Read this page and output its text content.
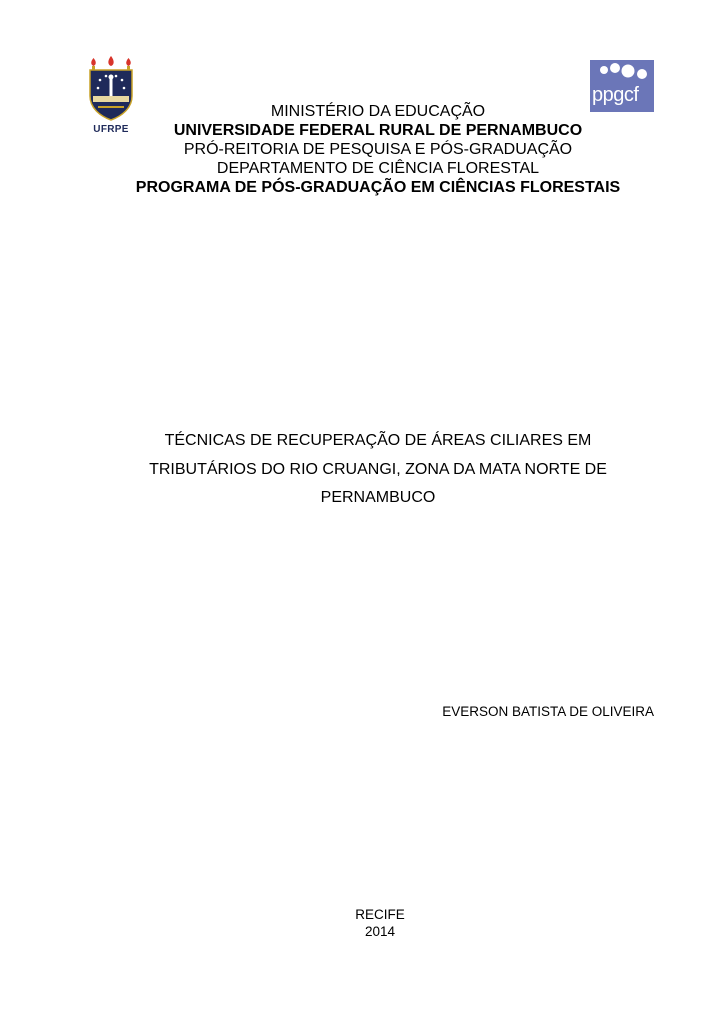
UFRPE
ppgcf
MINISTÉRIO DA EDUCAÇÃO
UNIVERSIDADE FEDERAL RURAL DE PERNAMBUCO
PRÓ-REITORIA DE PESQUISA E PÓS-GRADUAÇÃO
DEPARTAMENTO DE CIÊNCIA FLORESTAL
PROGRAMA DE PÓS-GRADUAÇÃO EM CIÊNCIAS FLORESTAIS
TÉCNICAS DE RECUPERAÇÃO DE ÁREAS CILIARES EM
TRIBUTÁRIOS DO RIO CRUANGI, ZONA DA MATA NORTE DE
PERNAMBUCO
EVERSON BATISTA DE OLIVEIRA
RECIFE
2014
